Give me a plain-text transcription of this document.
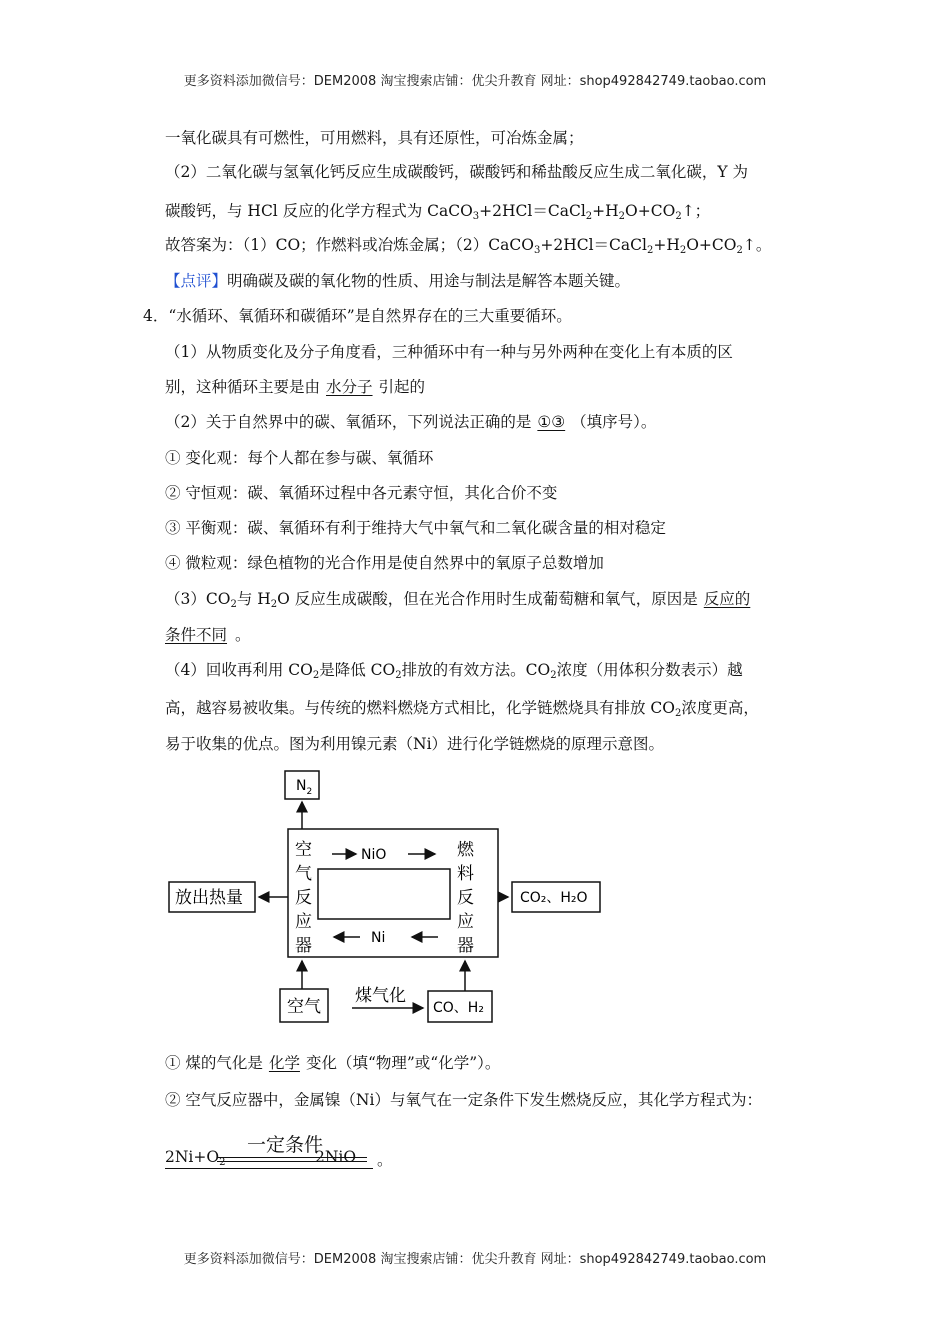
更多资料添加微信号：DEM2008 淘宝搜索店铺：优尖升教育 网址：shop492842749.taobao.com
一氧化碳具有可燃性，可用燃料，具有还原性，可冶炼金属；
（2）二氧化碳与氢氧化钙反应生成碳酸钙，碳酸钙和稀盐酸反应生成二氧化碳，Y 为
碳酸钙，与 HCl 反应的化学方程式为 $CaCO_3+2HCl=CaCl_2+H_2O+CO_2↑$；
故答案为：（1）CO；作燃料或冶炼金属；$(2)CaCO_3+2HCl=CaCl_2+H_2O+CO_2↑$。
【点评】明确碳及碳的氧化物的性质、用途与制法是解答本题关键。
4．“水循环、氧循环和碳循环”是自然界存在的三大重要循环。
（1）从物质变化及分子角度看，三种循环中有一种与另外两种在变化上有本质的区
别，这种循环主要是由 水分子 引起的
（2）关于自然界中的碳、氧循环，下列说法正确的是 ①③ （填序号）。
① 变化观：每个人都在参与碳、氧循环
② 守恒观：碳、氧循环过程中各元素守恒，其化合价不变
③ 平衡观：碳、氧循环有利于维持大气中氧气和二氧化碳含量的相对稳定
④ 微粒观：绿色植物的光合作用是使自然界中的氧原子总数增加
$(3)CO_2$与 $H_2O$ 反应生成碳酸，但在光合作用时生成葡萄糖和氧气，原因是 反应的
条件不同 。
（4）回收再利用 $CO_2$是降低 $CO_2$排放的有效方法。$CO_2$浓度（用体积分数表示）越
高，越容易被收集。与传统的燃料燃烧方式相比，化学链燃烧具有排放 $CO_2$浓度更高，
易于收集的优点。图为利用镍元素（Ni）进行化学链燃烧的原理示意图。
$N_2$
空
气
反
应
器
燃
料
反
应
器
NiO
Ni
放出热量	CO₂、H₂O
空气
煤气化
CO、H₂
① 煤的气化是 化学 变化（填“物理”或“化学”）。
② 空气反应器中，金属镍（Ni）与氧气在一定条件下发生燃烧反应，其化学方程式为：
一定条件
$2Ni+O_2$	2NiO 。
更多资料添加微信号：DEM2008 淘宝搜索店铺：优尖升教育 网址：shop492842749.taobao.com
